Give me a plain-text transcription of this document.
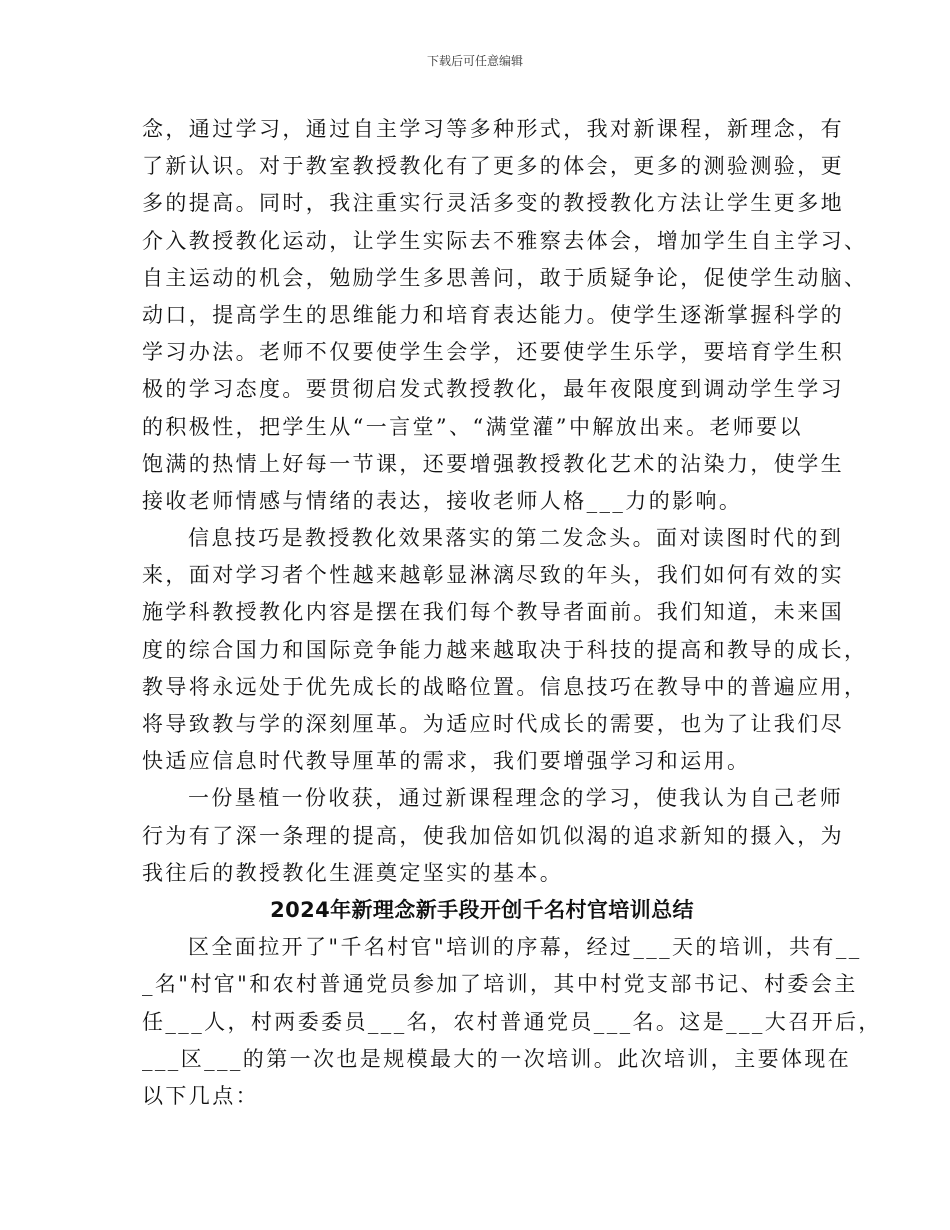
下载后可任意编辑
念，通过学习，通过自主学习等多种形式，我对新课程，新理念，有
了新认识。对于教室教授教化有了更多的体会，更多的测验测验，更
多的提高。同时，我注重实行灵活多变的教授教化方法让学生更多地
介入教授教化运动，让学生实际去不雅察去体会，增加学生自主学习、
自主运动的机会，勉励学生多思善问，敢于质疑争论，促使学生动脑、
动口，提高学生的思维能力和培育表达能力。使学生逐渐掌握科学的
学习办法。老师不仅要使学生会学，还要使学生乐学，要培育学生积
极的学习态度。要贯彻启发式教授教化，最年夜限度到调动学生学习
的积极性，把学生从“一言堂”、“满堂灌”中解放出来。老师要以
饱满的热情上好每一节课，还要增强教授教化艺术的沾染力，使学生
接收老师情感与情绪的表达，接收老师人格___力的影响。
信息技巧是教授教化效果落实的第二发念头。面对读图时代的到
来，面对学习者个性越来越彰显淋漓尽致的年头，我们如何有效的实
施学科教授教化内容是摆在我们每个教导者面前。我们知道，未来国
度的综合国力和国际竞争能力越来越取决于科技的提高和教导的成长，
教导将永远处于优先成长的战略位置。信息技巧在教导中的普遍应用，
将导致教与学的深刻厘革。为适应时代成长的需要，也为了让我们尽
快适应信息时代教导厘革的需求，我们要增强学习和运用。
一份垦植一份收获，通过新课程理念的学习，使我认为自己老师
行为有了深一条理的提高，使我加倍如饥似渴的追求新知的摄入，为
我往后的教授教化生涯奠定坚实的基本。
2024年新理念新手段开创千名村官培训总结
区全面拉开了"千名村官"培训的序幕，经过___天的培训，共有__
_名"村官"和农村普通党员参加了培训，其中村党支部书记、村委会主
任___人，村两委委员___名，农村普通党员___名。这是___大召开后，
___区___的第一次也是规模最大的一次培训。此次培训，主要体现在
以下几点：
